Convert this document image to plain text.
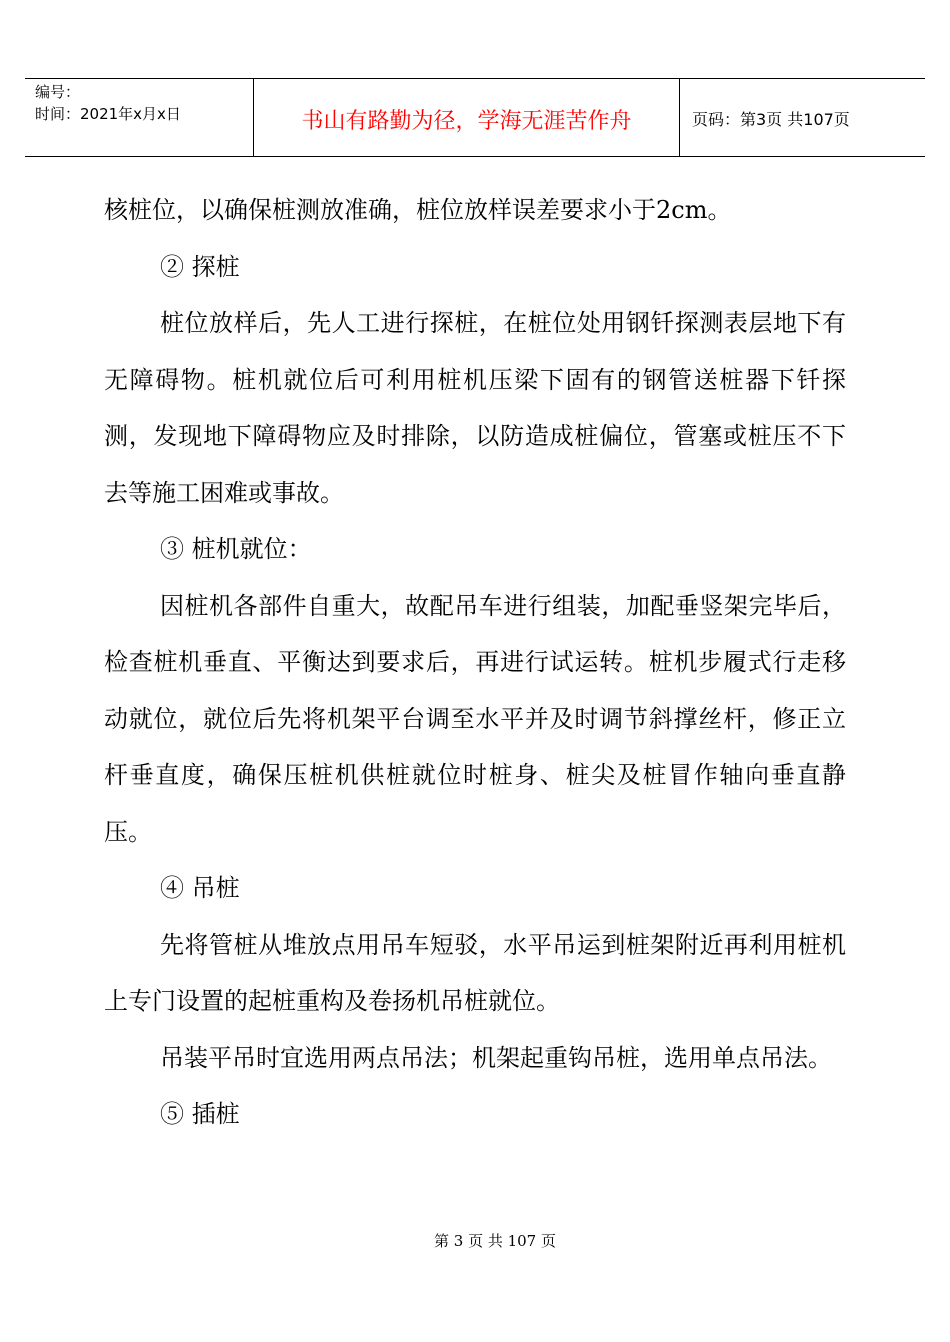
编号：
时间：2021年x月x日	书山有路勤为径，学海无涯苦作舟	页码：第3页 共107页

核桩位，以确保桩测放准确，桩位放样误差要求小于2cm。

② 探桩

桩位放样后，先人工进行探桩，在桩位处用钢钎探测表层地下有无障碍物。桩机就位后可利用桩机压梁下固有的钢管送桩器下钎探测，发现地下障碍物应及时排除，以防造成桩偏位，管塞或桩压不下去等施工困难或事故。

③ 桩机就位：

因桩机各部件自重大，故配吊车进行组装，加配垂竖架完毕后，检查桩机垂直、平衡达到要求后，再进行试运转。桩机步履式行走移动就位，就位后先将机架平台调至水平并及时调节斜撑丝杆，修正立杆垂直度，确保压桩机供桩就位时桩身、桩尖及桩冒作轴向垂直静压。

④ 吊桩

先将管桩从堆放点用吊车短驳，水平吊运到桩架附近再利用桩机上专门设置的起桩重构及卷扬机吊桩就位。

吊装平吊时宜选用两点吊法；机架起重钩吊桩，选用单点吊法。

⑤ 插桩

第 3 页 共 107 页
